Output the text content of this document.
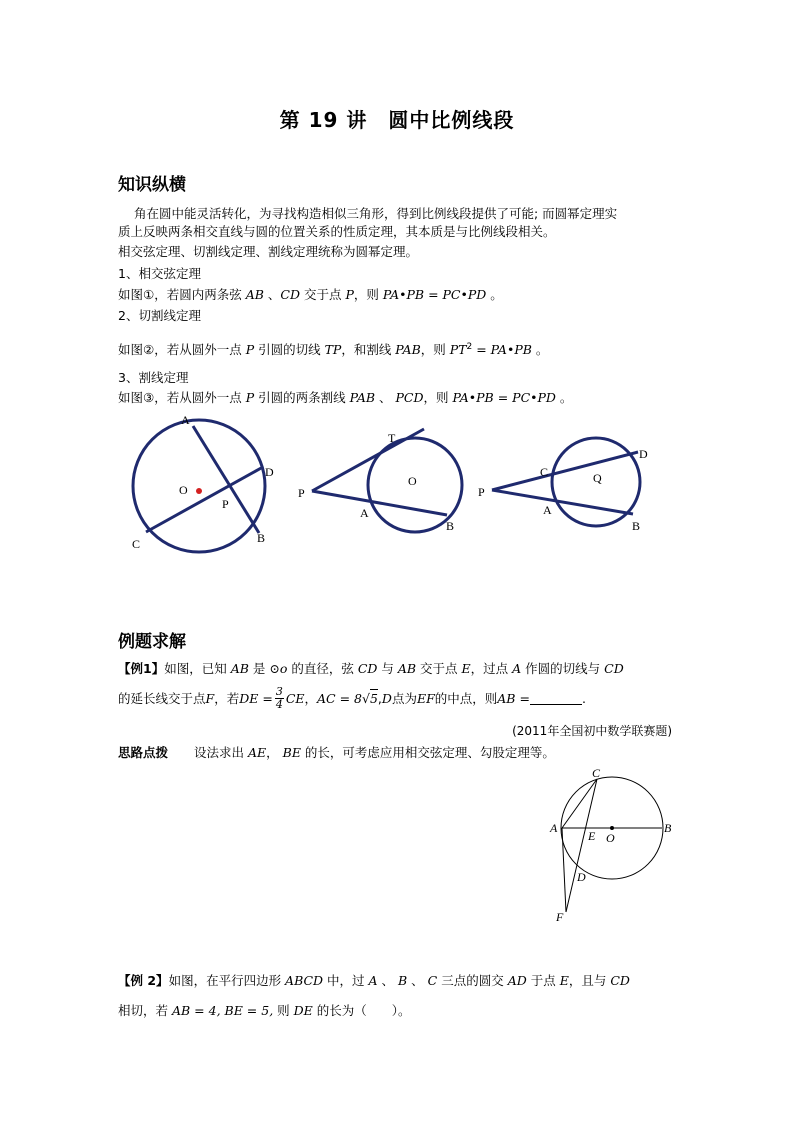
第 19 讲　圆中比例线段
知识纵横
角在圆中能灵活转化，为寻找构造相似三角形，得到比例线段提供了可能; 而圆幂定理实
质上反映两条相交直线与圆的位置关系的性质定理，其本质是与比例线段相关。
相交弦定理、切割线定理、割线定理统称为圆幂定理。
1、相交弦定理
如图①，若圆内两条弦 AB 、CD 交于点 P，则 PA•PB = PC•PD 。
2、切割线定理
如图②，若从圆外一点 P 引圆的切线 TP，和割线 PAB，则 $PT^2$ = PA•PB 。
3、割线定理
如图③，若从圆外一点 P 引圆的两条割线 PAB 、 PCD，则 PA•PB = PC•PD 。
A
D
O
P
C	B
T
O
P
A
B
D
C	Q
P
A
B
例题求解
【例1】如图，已知 AB 是 ⊙o 的直径，弦 CD 与 AB 交于点 E，过点 A 作圆的切线与 CD
的延长线交于点 F ，若 DE = $\frac{3}{4}$ CE ， AC = 8 √ 5 , D 点为 EF 的中点，则 AB =	.
(2011年全国初中数学联赛题)
思路点拨 设法求出 AE， BE 的长，可考虑应用相交弦定理、勾股定理等。
C
A
E O
B
D
F
【例 2】如图，在平行四边形 ABCD 中，过 A 、 B 、 C 三点的圆交 AD 于点 E，且与 CD
相切，若 AB = 4, BE = 5, 则 DE 的长为（　　）。
